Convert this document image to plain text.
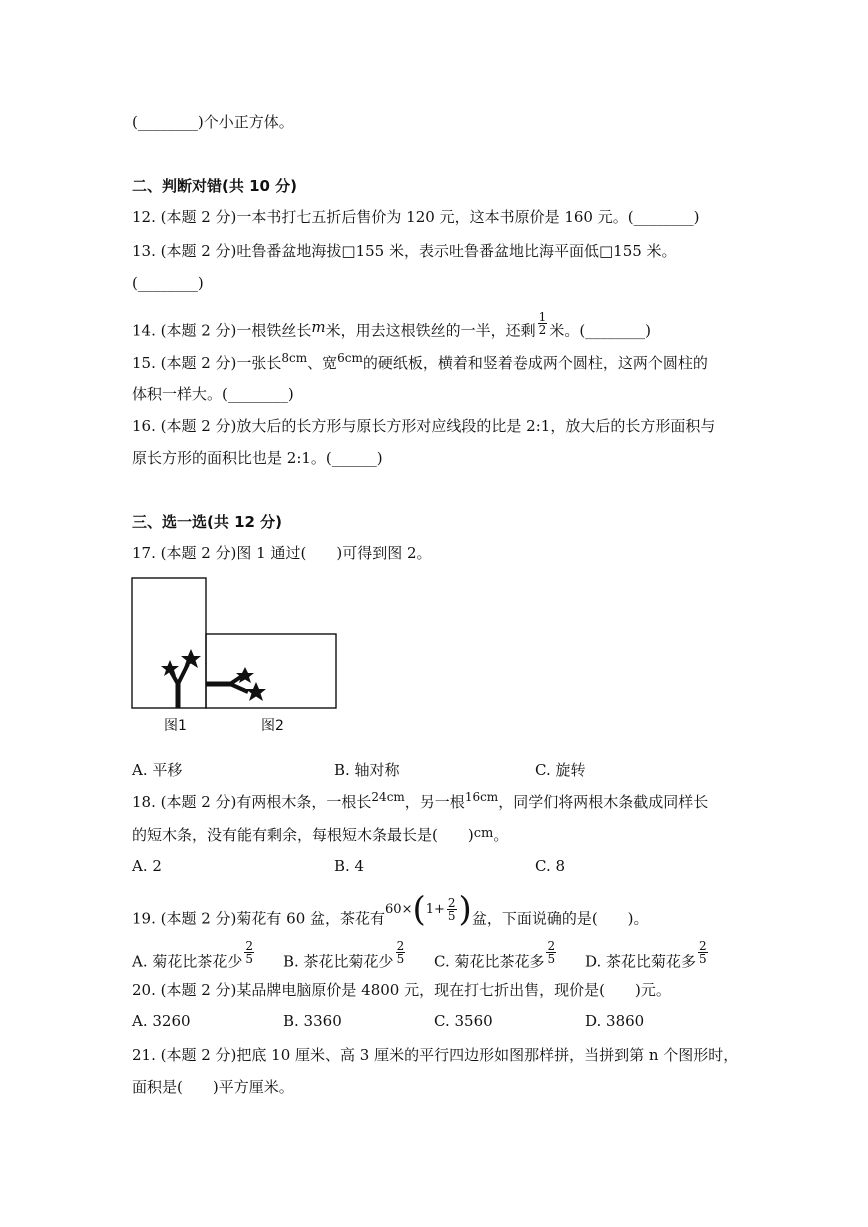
(________)个小正方体。
二、判断对错(共 10 分)
12. (本题 2 分)一本书打七五折后售价为 120 元，这本书原价是 160 元。(________)
13. (本题 2 分)吐鲁番盆地海拔□155 米，表示吐鲁番盆地比海平面低□155 米。
(________)
14. (本题 2 分)一根铁丝长m米，用去这根铁丝的一半，还剩 $\frac{1}{2}$ 米。(________)
15. (本题 2 分)一张长$^{8cm}$、宽$^{6cm}$的硬纸板，横着和竖着卷成两个圆柱，这两个圆柱的
体积一样大。(________)
16. (本题 2 分)放大后的长方形与原长方形对应线段的比是 2:1，放大后的长方形面积与
原长方形的面积比也是 2:1。(______)
三、选一选(共 12 分)
17. (本题 2 分)图 1 通过(　　)可得到图 2。
图1	图2
A. 平移	B. 轴对称	C. 旋转
18. (本题 2 分)有两根木条，一根长$^{24cm}$，另一根$^{16cm}$，同学们将两根木条截成同样长
的短木条，没有能有剩余，每根短木条最长是(　　)cm。
A. 2	B. 4	C. 8
19. (本题 2 分)菊花有 60 盆，茶花有$60\times(1+ \frac{2}{5}$ )盆，下面说确的是(　　)。
A. 菊花比茶花少 $\frac{2}{5} B$. 茶花比菊花少 $\frac{2}{5} C$. 菊花比茶花多 $\frac{2}{5} D$. 茶花比菊花多 $\frac{2}{5}$
20. (本题 2 分)某品牌电脑原价是 4800 元，现在打七折出售，现价是(　　)元。
A. 3260	B. 3360	C. 3560	D. 3860
21. (本题 2 分)把底 10 厘米、高 3 厘米的平行四边形如图那样拼，当拼到第 n 个图形时，
面积是(　　)平方厘米。
